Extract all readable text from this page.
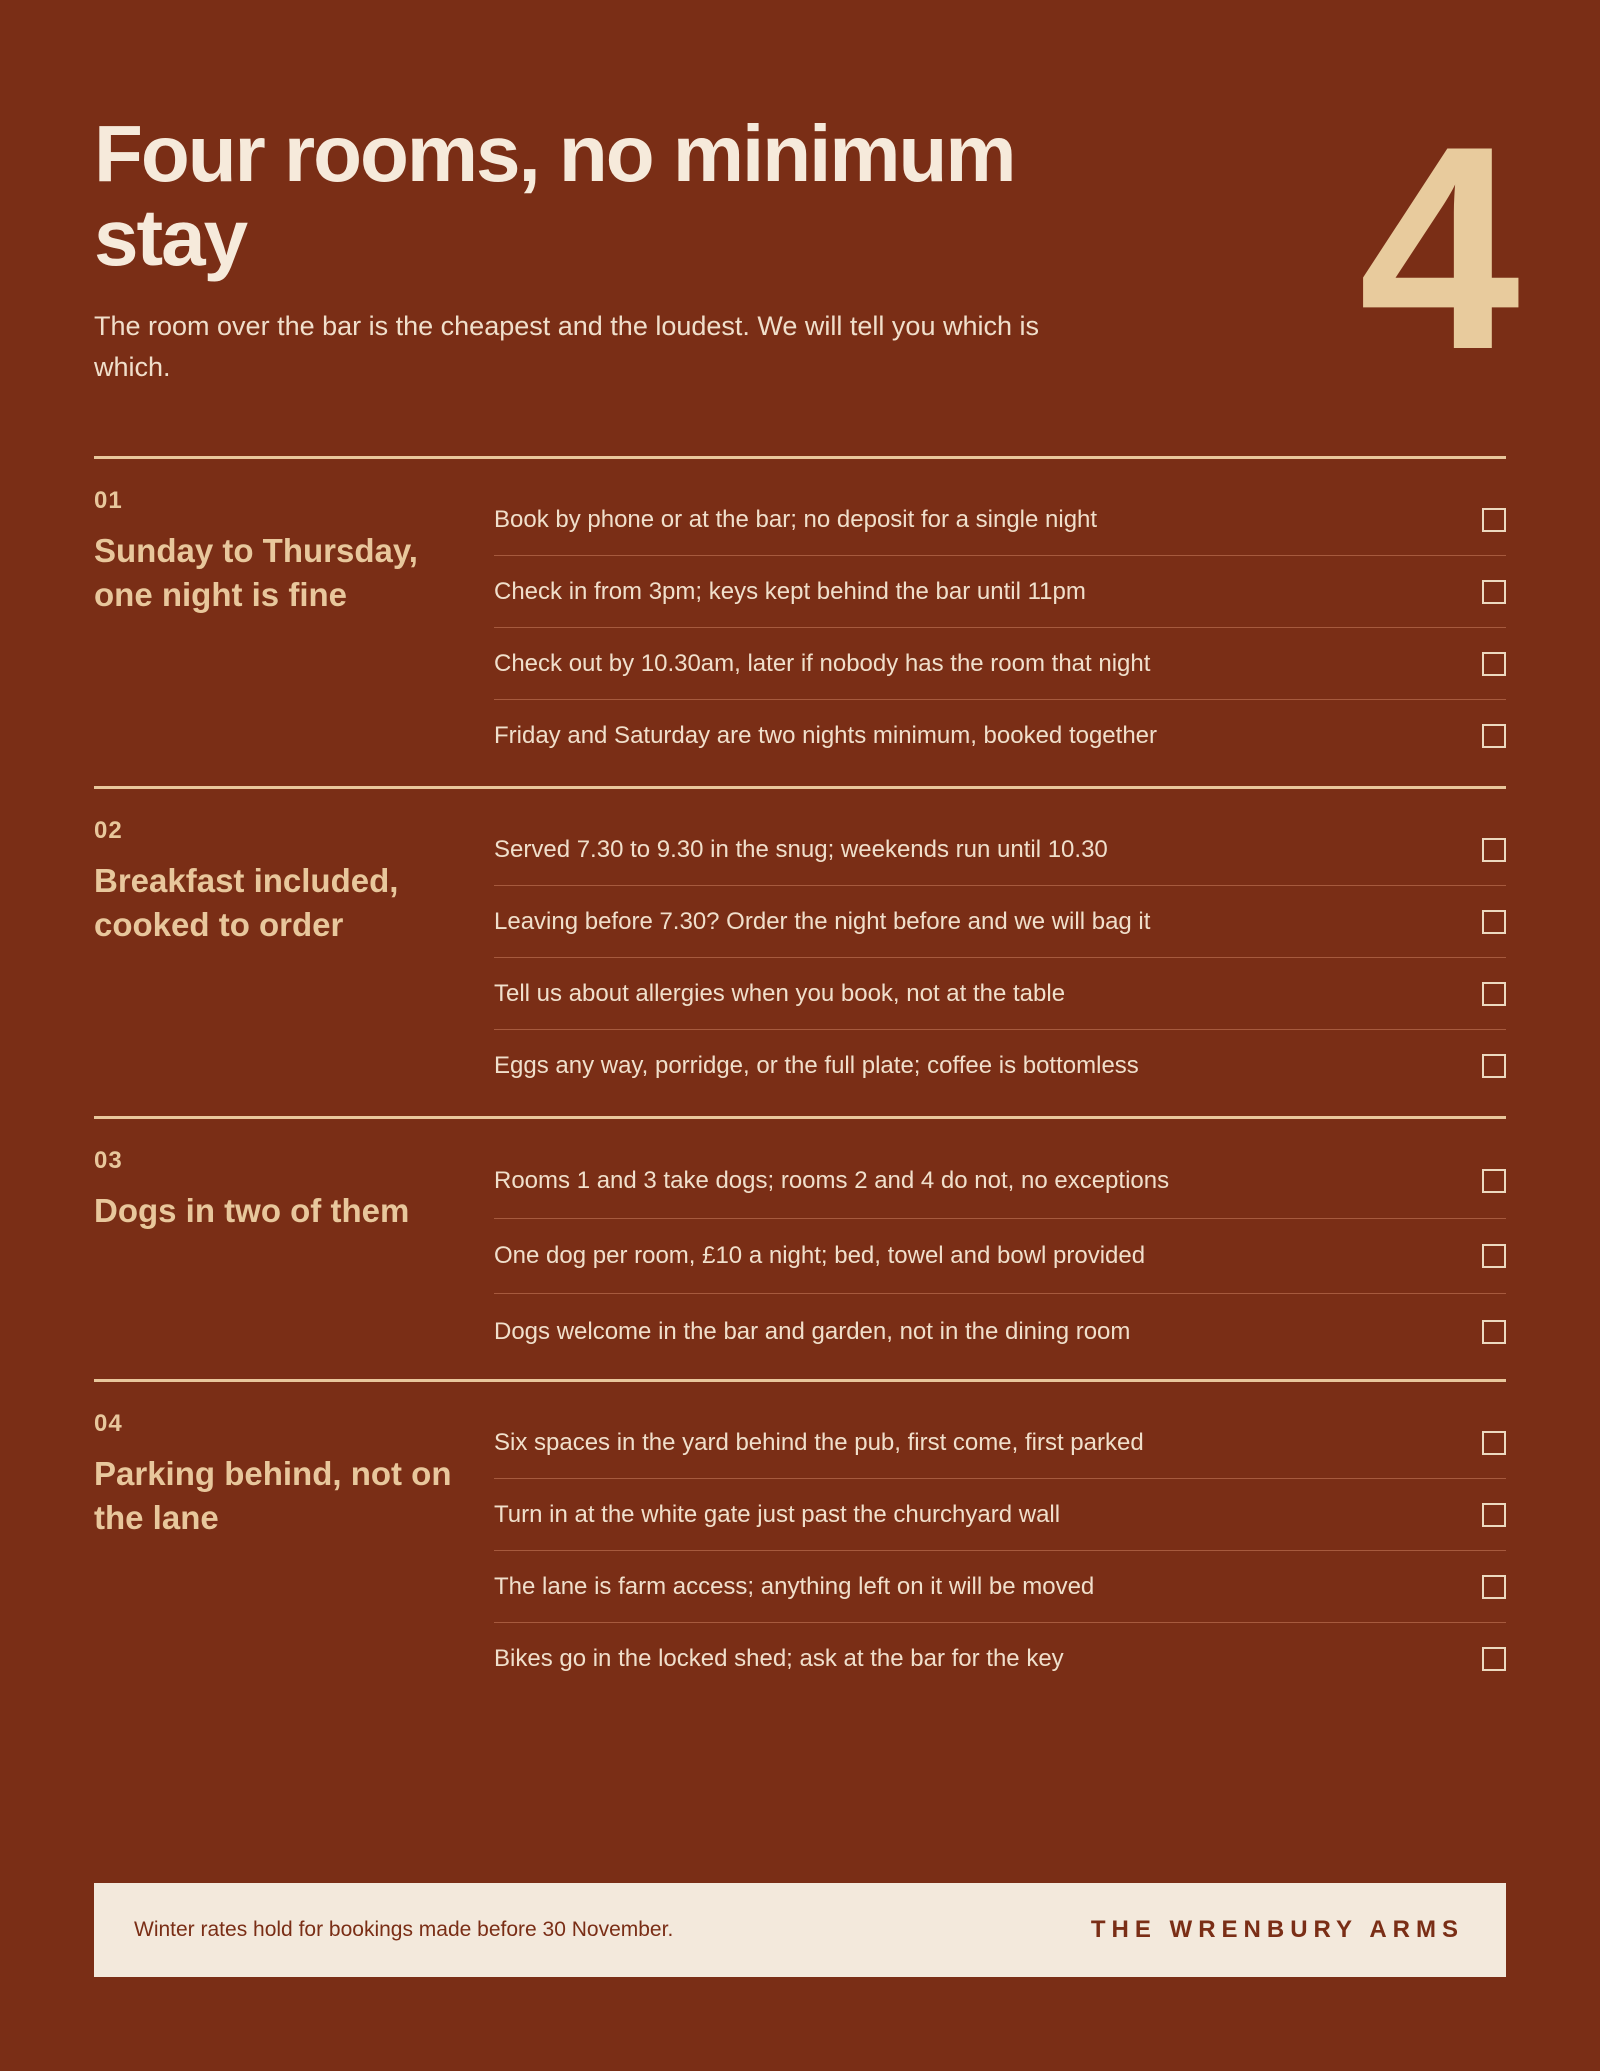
Four rooms, no minimum stay

The room over the bar is the cheapest and the loudest. We will tell you which is which.	4
01
Sunday to Thursday, one night is fine
Book by phone or at the bar; no deposit for a single night
Check in from 3pm; keys kept behind the bar until 11pm
Check out by 10.30am, later if nobody has the room that night
Friday and Saturday are two nights minimum, booked together
02
Breakfast included, cooked to order
Served 7.30 to 9.30 in the snug; weekends run until 10.30
Leaving before 7.30? Order the night before and we will bag it
Tell us about allergies when you book, not at the table
Eggs any way, porridge, or the full plate; coffee is bottomless
03
Dogs in two of them
Rooms 1 and 3 take dogs; rooms 2 and 4 do not, no exceptions
One dog per room, £10 a night; bed, towel and bowl provided
Dogs welcome in the bar and garden, not in the dining room
04
Parking behind, not on the lane
Six spaces in the yard behind the pub, first come, first parked
Turn in at the white gate just past the churchyard wall
The lane is farm access; anything left on it will be moved
Bikes go in the locked shed; ask at the bar for the key
Winter rates hold for bookings made before 30 November.	THE WRENBURY ARMS
